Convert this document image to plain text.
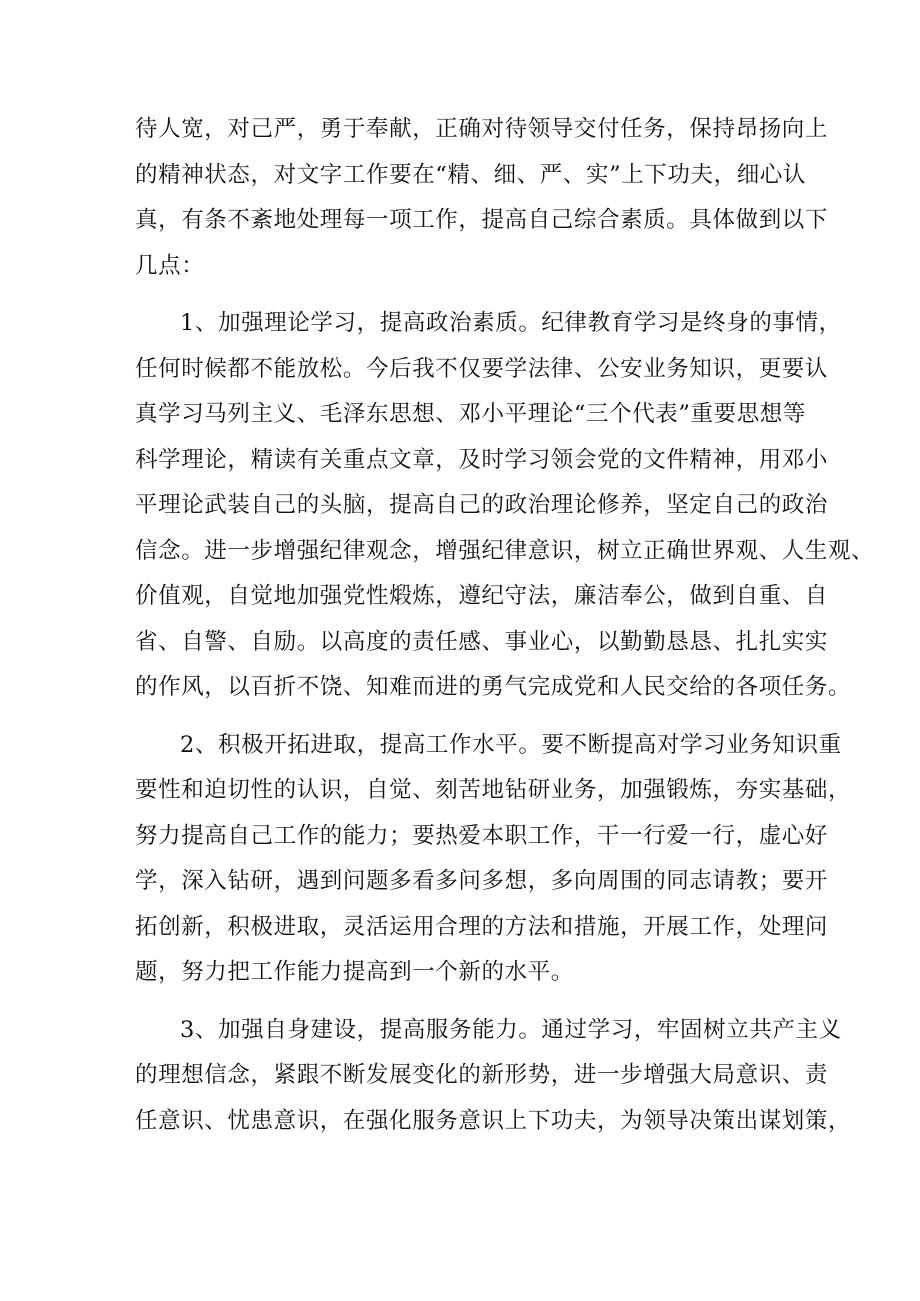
待人宽，对己严，勇于奉献，正确对待领导交付任务，保持昂扬向上
的精神状态，对文字工作要在“精、细、严、实”上下功夫，细心认
真，有条不紊地处理每一项工作，提高自己综合素质。具体做到以下
几点：

1、加强理论学习，提高政治素质。纪律教育学习是终身的事情，
任何时候都不能放松。今后我不仅要学法律、公安业务知识，更要认
真学习马列主义、毛泽东思想、邓小平理论“三个代表”重要思想等
科学理论，精读有关重点文章，及时学习领会党的文件精神，用邓小
平理论武装自己的头脑，提高自己的政治理论修养，坚定自己的政治
信念。进一步增强纪律观念，增强纪律意识，树立正确世界观、人生观、
价值观，自觉地加强党性煅炼，遵纪守法，廉洁奉公，做到自重、自
省、自警、自励。以高度的责任感、事业心，以勤勤恳恳、扎扎实实
的作风，以百折不饶、知难而进的勇气完成党和人民交给的各项任务。

2、积极开拓进取，提高工作水平。要不断提高对学习业务知识重
要性和迫切性的认识，自觉、刻苦地钻研业务，加强锻炼，夯实基础，
努力提高自己工作的能力；要热爱本职工作，干一行爱一行，虚心好
学，深入钻研，遇到问题多看多问多想，多向周围的同志请教；要开
拓创新，积极进取，灵活运用合理的方法和措施，开展工作，处理问
题，努力把工作能力提高到一个新的水平。

3、加强自身建设，提高服务能力。通过学习，牢固树立共产主义
的理想信念，紧跟不断发展变化的新形势，进一步增强大局意识、责
任意识、忧患意识，在强化服务意识上下功夫，为领导决策出谋划策，
